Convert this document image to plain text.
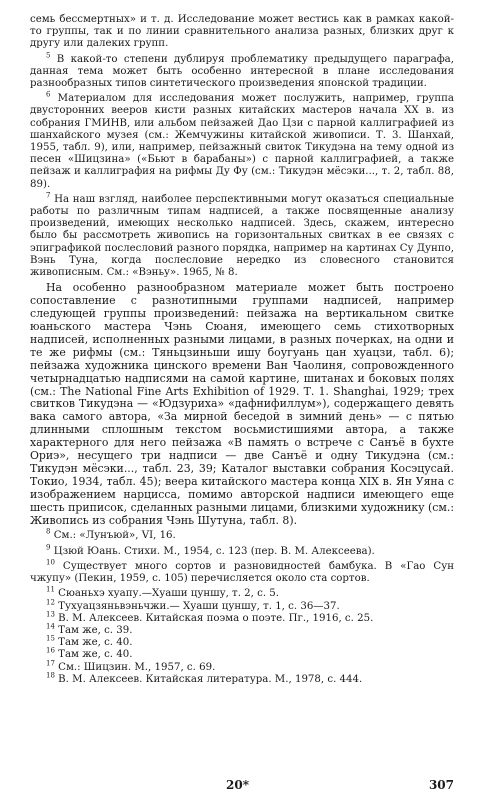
семь бессмертных» и т. д. Исследование может вестись как в рамках какой-то группы, так и по линии сравнительного анализа разных, близких друг к другу или далеких групп.

$^5$ В какой-то степени дублируя проблематику предыдущего параграфа, данная тема может быть особенно интересной в плане исследования разнообразных типов синтетического произведения японской традиции.

$^6$ Материалом для исследования может послужить, например, группа двусторонних вееров кисти разных китайских мастеров начала XX в. из собрания ГМИНВ, или альбом пейзажей Дао Цзи с парной каллиграфией из шанхайского музея (см.: Жемчужины китайской живописи. Т. 3. Шанхай, 1955, табл. 9), или, например, пейзажный свиток Тикудэна на тему одной из песен «Шицзина» («Бьют в барабаны») с парной каллиграфией, а также пейзаж и каллиграфия на рифмы Ду Фу (см.: Тикудэн мёсэки..., т. 2, табл. 88, 89).

$^7$ На наш взгляд, наиболее перспективными могут оказаться специальные работы по различным типам надписей, а также посвященные анализу произведений, имеющих несколько надписей. Здесь, скажем, интересно было бы рассмотреть живопись на горизонтальных свитках в ее связях с эпиграфикой послесловий разного порядка, например на картинах Су Дунпо, Вэнь Туна, когда послесловие нередко из словесного становится живописным. См.: «Вэньу». 1965, № 8.

На особенно разнообразном материале может быть построено сопоставление с разнотипными группами надписей, например следующей группы произведений: пейзажа на вертикальном свитке юаньского мастера Чэнь Сюаня, имеющего семь стихотворных надписей, исполненных разными лицами, в разных почерках, на одни и те же рифмы (см.: Тяньцзиньши ишу боугуань цан хуацзи, табл. 6); пейзажа художника цинского времени Ван Чаолиня, сопровожденного четырнадцатью надписями на самой картине, шитанах и боковых полях (см.: The National Fine Arts Exhibition of 1929. Т. 1. Shanghai, 1929; трех свитков Тикудэна — «Юдзуриха» «дафнифиллум»), содержащего девять вака самого автора, «За мирной беседой в зимний день» — с пятью длинными сплошным текстом восьмистишиями автора, а также характерного для него пейзажа «В память о встрече с Санъё в бухте Ориэ», несущего три надписи — две Санъё и одну Тикудэна (см.: Тикудэн мёсэки..., табл. 23, 39; Каталог выставки собрания Косэцусай. Токио, 1934, табл. 45); веера китайского мастера конца XIX в. Ян Уяна с изображением нарцисса, помимо авторской надписи имеющего еще шесть приписок, сделанных разными лицами, близкими художнику (см.: Живопись из собрания Чэнь Шутуна, табл. 8).

$^8$ См.: «Лунъюй», VI, 16.

$^9$ Цзюй Юань. Стихи. М., 1954, с. 123 (пер. В. М. Алексеева).

$^{10}$ Существует много сортов и разновидностей бамбука. В «Гао Сун чжупу» (Пекин, 1959, с. 105) перечисляется около ста сортов.

$^{11}$ Сюаньхэ хуапу.—Хуаши цуншу, т. 2, с. 5.
$^{12}$ Тухуацзяньвэньчжи.— Хуаши цуншу, т. 1, с. 36—37.
$^{13}$ В. М. Алексеев. Китайская поэма о поэте. Пг., 1916, с. 25.
$^{14}$ Там же, с. 39.
$^{15}$ Там же, с. 40.
$^{16}$ Там же, с. 40.
$^{17}$ См.: Шицзин. М., 1957, с. 69.
$^{18}$ В. М. Алексеев. Китайская литература. М., 1978, с. 444.
20*	307
